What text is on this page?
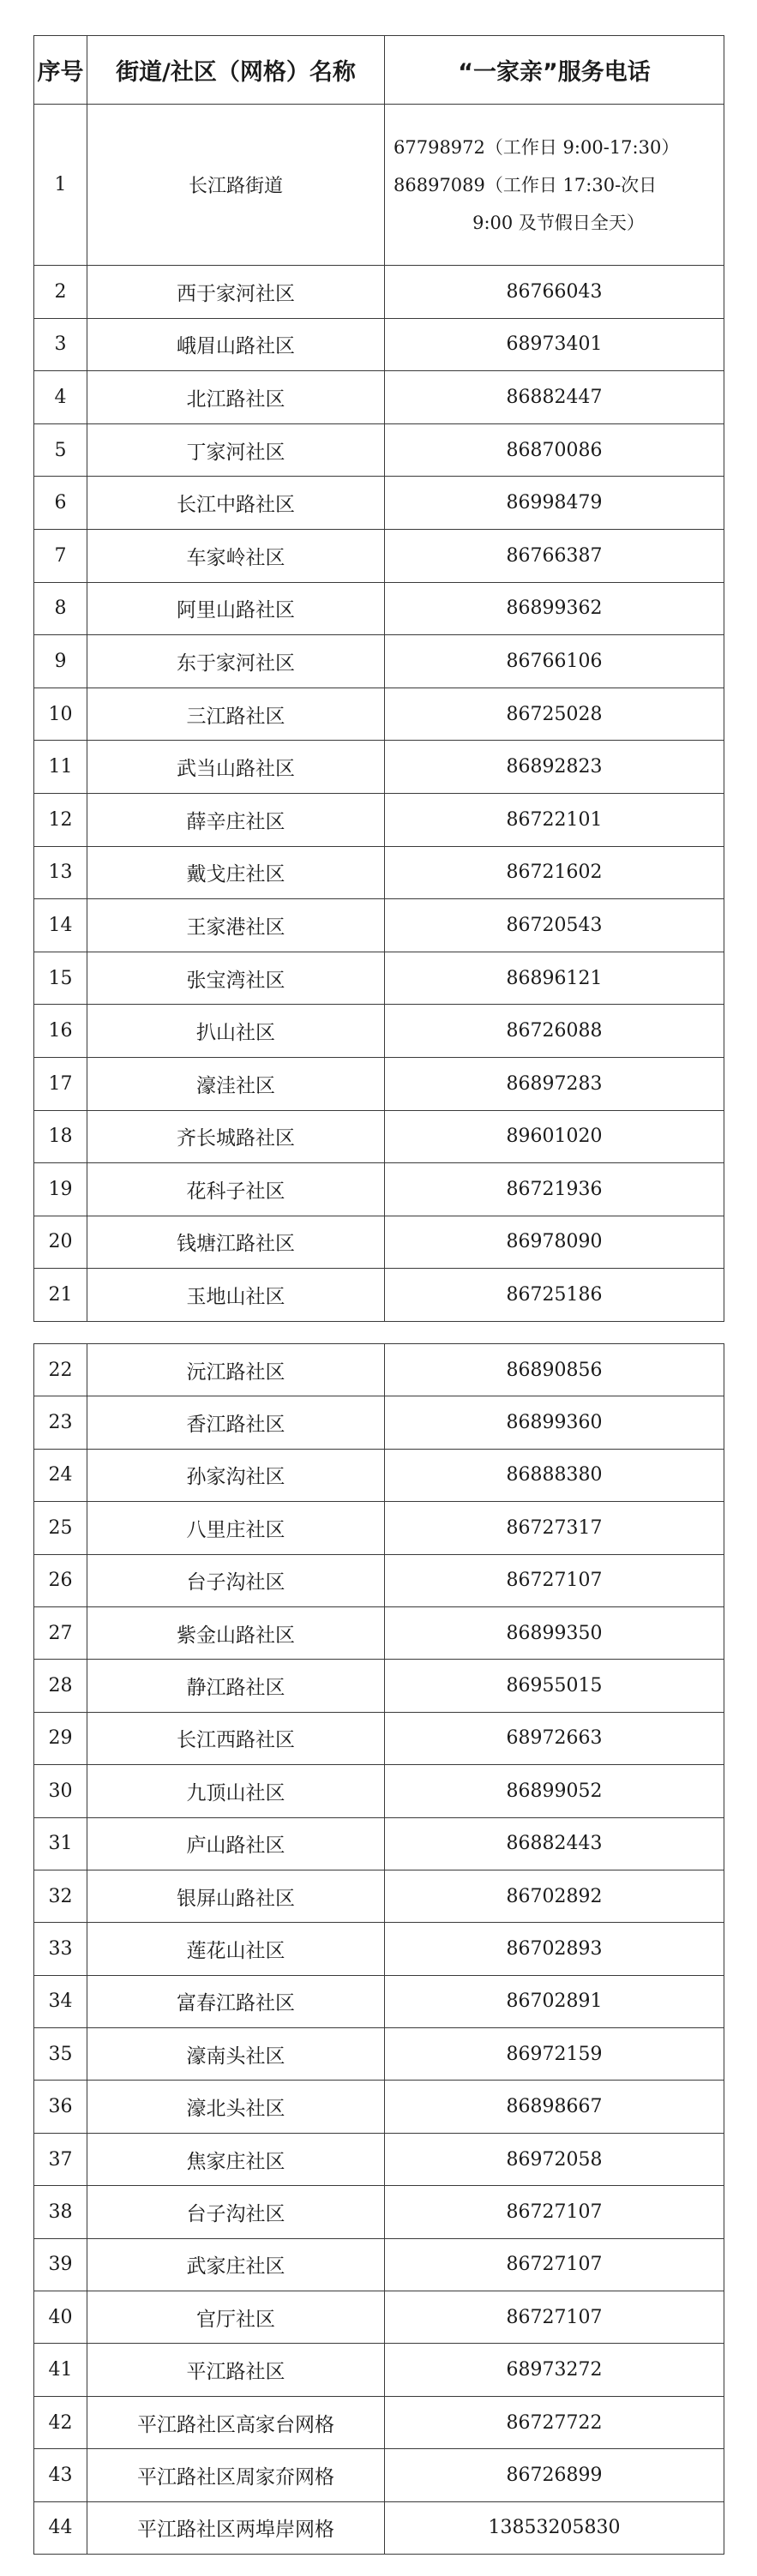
序号	街道/社区（网格）名称	“一家亲”服务电话
1	长江路街道	67798972（工作日 9:00-17:30）
86897089（工作日 17:30-次日
9:00 及节假日全天）

2	西于家河社区	86766043
3	峨眉山路社区	68973401
4	北江路社区	86882447
5	丁家河社区	86870086
6	长江中路社区	86998479
7	车家岭社区	86766387
8	阿里山路社区	86899362
9	东于家河社区	86766106
10	三江路社区	86725028
11	武当山路社区	86892823
12	薛辛庄社区	86722101
13	戴戈庄社区	86721602
14	王家港社区	86720543
15	张宝湾社区	86896121
16	扒山社区	86726088
17	濠洼社区	86897283
18	齐长城路社区	89601020
19	花科子社区	86721936
20	钱塘江路社区	86978090
21	玉地山社区	86725186
22	沅江路社区	86890856
23	香江路社区	86899360
24	孙家沟社区	86888380
25	八里庄社区	86727317
26	台子沟社区	86727107
27	紫金山路社区	86899350
28	静江路社区	86955015
29	长江西路社区	68972663
30	九顶山社区	86899052
31	庐山路社区	86882443
32	银屏山路社区	86702892
33	莲花山社区	86702893
34	富春江路社区	86702891
35	濠南头社区	86972159
36	濠北头社区	86898667
37	焦家庄社区	86972058
38	台子沟社区	86727107
39	武家庄社区	86727107
40	官厅社区	86727107
41	平江路社区	68973272
42	平江路社区高家台网格	86727722
43	平江路社区周家夼网格	86726899
44	平江路社区两埠岸网格	13853205830
